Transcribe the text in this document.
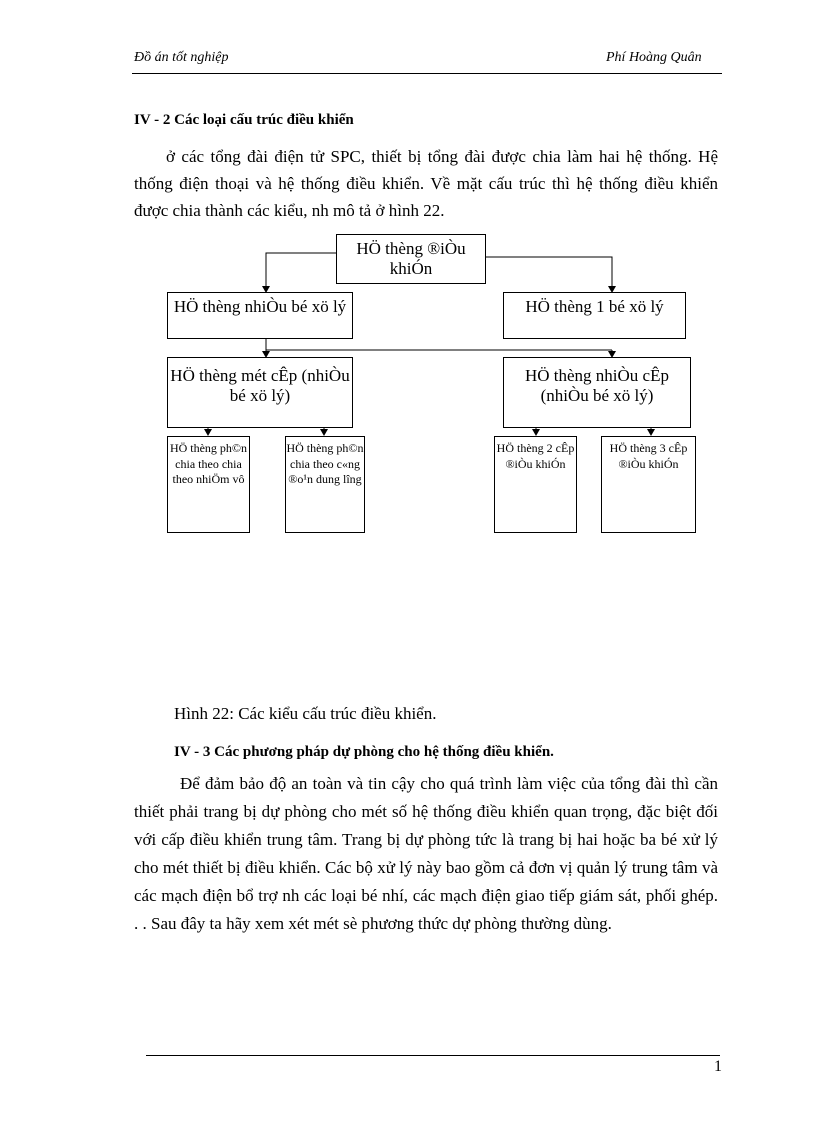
Đồ án tốt nghiệp	Phí Hoàng Quân
IV - 2 Các loại cấu trúc điều khiển

ở các tổng đài điện tử SPC, thiết bị tổng đài được chia làm hai hệ thống. Hệ thống điện thoại và hệ thống điều khiển. Về mặt cấu trúc thì hệ thống điều khiển được chia thành các kiểu, nh mô tả ở hình 22.

HÖ thèng ®iÒu khiÓn
HÖ thèng nhiÒu bé xö lý	HÖ thèng 1 bé xö lý
HÖ thèng mét cÊp (nhiÒu bé xö lý)
HÖ thèng nhiÒu cÊp (nhiÒu bé xö lý)
HÖ thèng ph©n chia theo chia theo nhiÖm vô
HÖ thèng ph©n chia theo c«ng ®o¹n dung lîng
HÖ thèng 2 cÊp ®iÒu khiÓn
HÖ thèng 3 cÊp ®iÒu khiÓn
Hình 22: Các kiểu cấu trúc điều khiển.
IV - 3 Các phương pháp dự phòng cho hệ thống điều khiển.

Để đảm bảo độ an toàn và tin cậy cho quá trình làm việc của tổng đài thì cần thiết phải trang bị dự phòng cho mét số hệ thống điều khiển quan trọng, đặc biệt đối với cấp điều khiển trung tâm. Trang bị dự phòng tức là trang bị hai hoặc ba bé xử lý cho mét thiết bị điều khiển. Các bộ xử lý này bao gồm cả đơn vị quản lý trung tâm và các mạch điện bổ trợ nh các loại bé nhí, các mạch điện giao tiếp giám sát, phối ghép. . . Sau đây ta hãy xem xét mét sè phương thức dự phòng thường dùng.

1
